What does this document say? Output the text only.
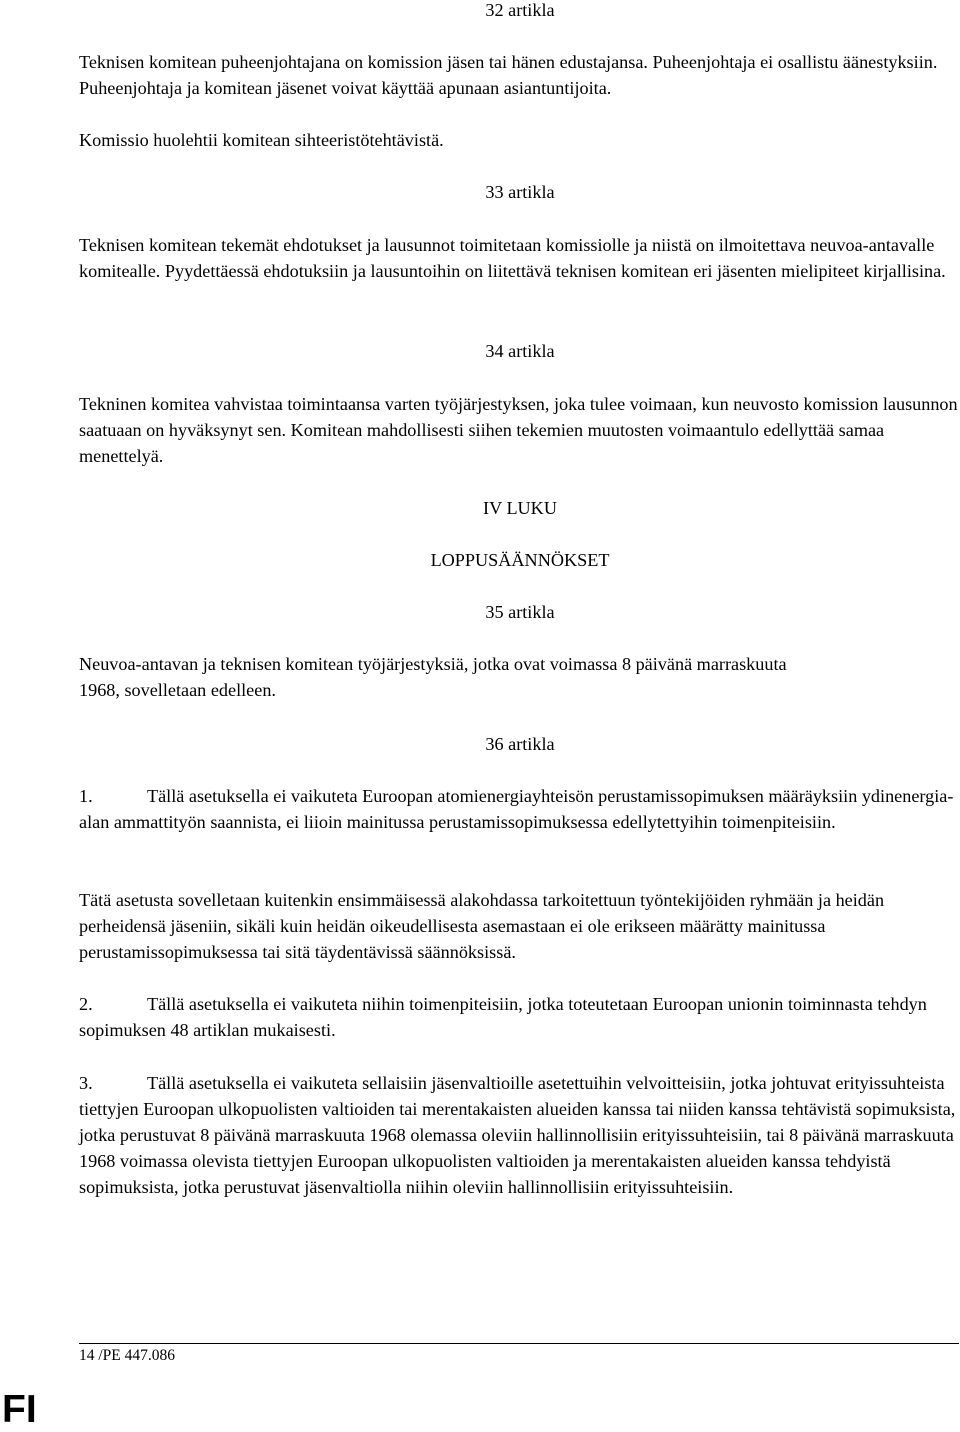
32 artikla

Teknisen komitean puheenjohtajana on komission jäsen tai hänen edustajansa. Puheenjohtaja ei osallistu äänestyksiin. Puheenjohtaja ja komitean jäsenet voivat käyttää apunaan asiantuntijoita.

Komissio huolehtii komitean sihteeristötehtävistä.

33 artikla

Teknisen komitean tekemät ehdotukset ja lausunnot toimitetaan komissiolle ja niistä on ilmoitettava neuvoa-antavalle komitealle. Pyydettäessä ehdotuksiin ja lausuntoihin on liitettävä teknisen komitean eri jäsenten mielipiteet kirjallisina.

34 artikla

Tekninen komitea vahvistaa toimintaansa varten työjärjestyksen, joka tulee voimaan, kun neuvosto komission lausunnon saatuaan on hyväksynyt sen. Komitean mahdollisesti siihen tekemien muutosten voimaantulo edellyttää samaa menettelyä.

IV LUKU

LOPPUSÄÄNNÖKSET

35 artikla

Neuvoa-antavan ja teknisen komitean työjärjestyksiä, jotka ovat voimassa 8 päivänä marraskuuta 1968, sovelletaan edelleen.

36 artikla

1.	Tällä asetuksella ei vaikuteta Euroopan atomienergiayhteisön perustamissopimuksen määräyksiin ydinenergia-alan ammattityön saannista, ei liioin mainitussa perustamissopimuksessa edellytettyihin toimenpiteisiin.
Tätä asetusta sovelletaan kuitenkin ensimmäisessä alakohdassa tarkoitettuun työntekijöiden ryhmään ja heidän perheidensä jäseniin, sikäli kuin heidän oikeudellisesta asemastaan ei ole erikseen määrätty mainitussa perustamissopimuksessa tai sitä täydentävissä säännöksissä.
2.	Tällä asetuksella ei vaikuteta niihin toimenpiteisiin, jotka toteutetaan Euroopan unionin toiminnasta tehdyn sopimuksen 48 artiklan mukaisesti.
3.	Tällä asetuksella ei vaikuteta sellaisiin jäsenvaltioille asetettuihin velvoitteisiin, jotka johtuvat erityissuhteista tiettyjen Euroopan ulkopuolisten valtioiden tai merentakaisten alueiden kanssa tai niiden kanssa tehtävistä sopimuksista, jotka perustuvat 8 päivänä marraskuuta 1968 olemassa oleviin hallinnollisiin erityissuhteisiin, tai 8 päivänä marraskuuta 1968 voimassa olevista tiettyjen Euroopan ulkopuolisten valtioiden ja merentakaisten alueiden kanssa tehdyistä sopimuksista, jotka perustuvat jäsenvaltiolla niihin oleviin hallinnollisiin erityissuhteisiin.

14 /PE 447.086

FI
